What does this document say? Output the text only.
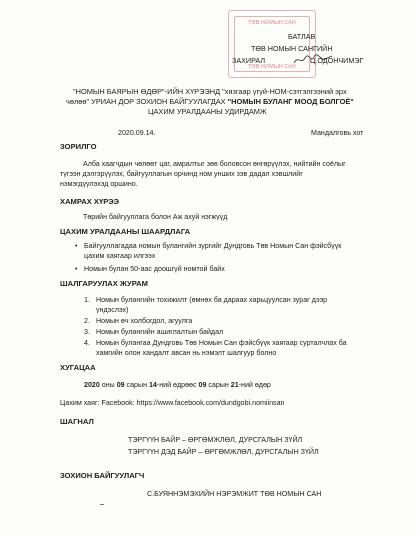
ТӨВ НОМЫН САН
ТӨВ НОМЫН САН
БАТЛАВ
ТӨВ НОМЫН САНГИЙН
ЗАХИРАЛ	Ц.ОДОНЧИМЭГ
"НОМЫН БАЯРЫН ӨДӨР"-ИЙН ХҮРЭЭНД "хязгаар үгүй-НОМ-сэтгэлгээний эрх
чөлөө" УРИАН ДОР ЗОХИОН БАЙГУУЛАГДАХ "НОМЫН БУЛАНГ МООД БОЛГОЁ"
ЦАХИМ УРАЛДААНЫ УДИРДАМЖ
2020.09.14.	Мандалговь хот
ЗОРИЛГО
Алба хаагчдын чөлөөт цаг, амралтыг зөв боловсон өнгөрүүлэх, нийтийн соёлыг
түгээн дэлгэрүүлэх, байгууллагын орчинд ном унших зэв дадал хэвшлийг
нэмэгдүүлэхэд оршино.
ХАМРАХ ХҮРЭЭ
Төрийн байгууллага болон Аж ахуй нэгжүүд
ЦАХИМ УРАЛДААНЫ ШААРДЛАГА
• Байгууллагадаа номын булангийн зургийг Дундговь Төв Номын Сан фэйсбүүк
цахим хаягаар илгээх
• Номын булан 50-аас доошгүй номтой байх
ШАЛГАРУУЛАХ ЖУРАМ
1. Номын булангийн тохижилт (өмнөх ба дараах харьцуулсан зураг дээр
үндэслэх)
2. Номын өч холбогдол, агуулга
3. Номын булангийн ашиглалтын байдал
4. Номын булангаа Дундговь Төв Номын Сан фэйсбүүк хаягаар сурталчлах ба
хамгийн олон хандалт авсан нь нэмэлт шалгуур болно
ХУГАЦАА
2020 оны 09 сарын 14-ний өдрөөс 09 сарын 21-ний өдөр
Цахим хаяг: Facebook: https://www.facebook.com/dundgobi.nomiinsan
ШАГНАЛ
ТЭРГҮҮН БАЙР – ӨРГӨМЖЛӨЛ, ДУРСГАЛЫН ЗҮЙЛ
ТЭРГҮҮН ДЭД БАЙР – ӨРГӨМЖЛӨЛ, ДУРСГАЛЫН ЗҮЙЛ
ЗОХИОН БАЙГУУЛАГЧ
С.БУЯННЭМЭХИЙН НЭРЭМЖИТ ТӨВ НОМЫН САН
